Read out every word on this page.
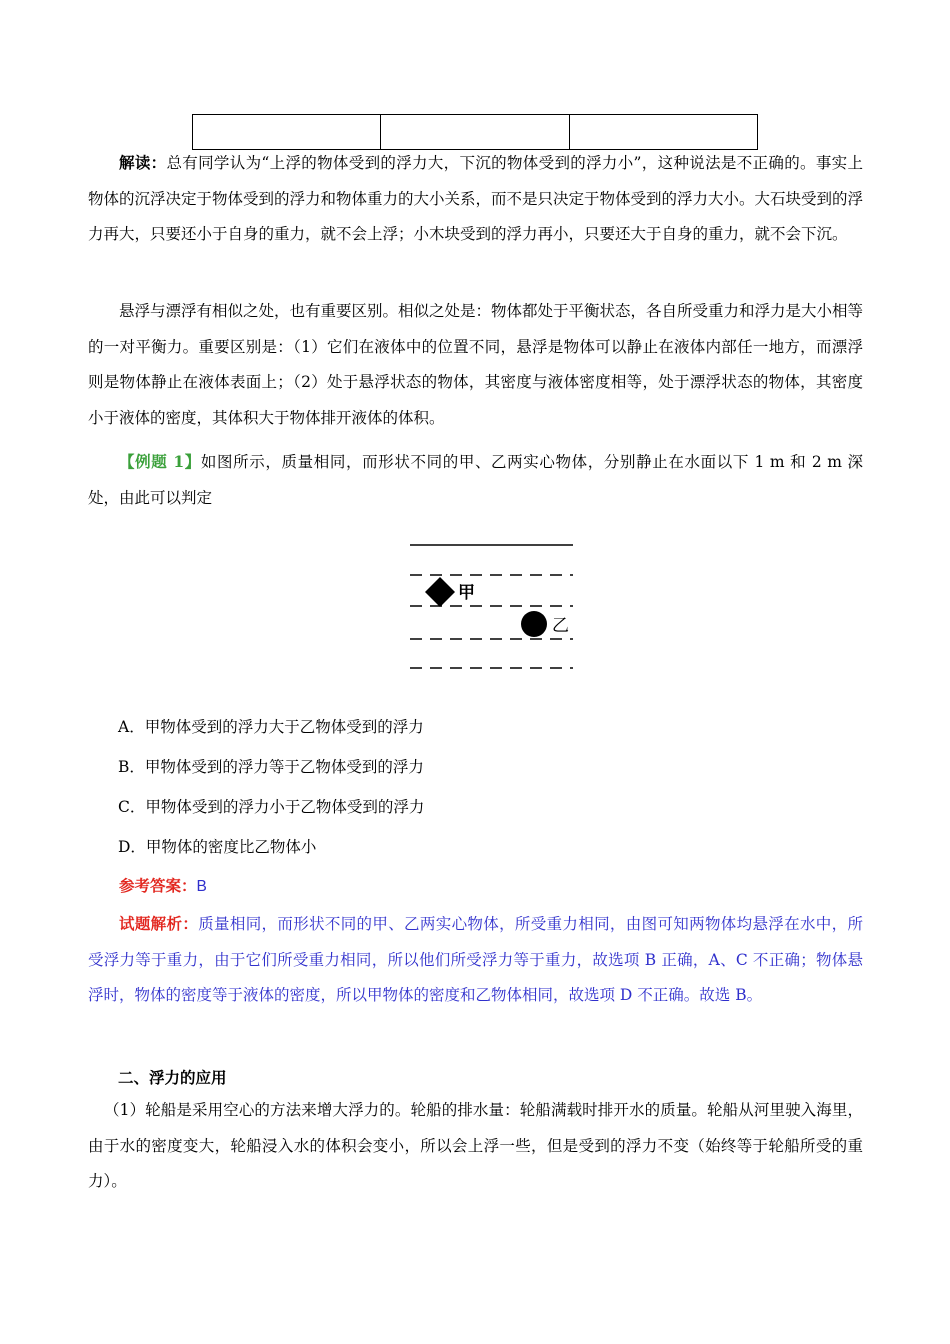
解读：总有同学认为“上浮的物体受到的浮力大，下沉的物体受到的浮力小”，这种说法是不正确的。事实上物体的沉浮决定于物体受到的浮力和物体重力的大小关系，而不是只决定于物体受到的浮力大小。大石块受到的浮力再大，只要还小于自身的重力，就不会上浮；小木块受到的浮力再小，只要还大于自身的重力，就不会下沉。
悬浮与漂浮有相似之处，也有重要区别。相似之处是：物体都处于平衡状态，各自所受重力和浮力是大小相等的一对平衡力。重要区别是：（1）它们在液体中的位置不同，悬浮是物体可以静止在液体内部任一地方，而漂浮则是物体静止在液体表面上；（2）处于悬浮状态的物体，其密度与液体密度相等，处于漂浮状态的物体，其密度小于液体的密度，其体积大于物体排开液体的体积。
【例题 1】如图所示，质量相同，而形状不同的甲、乙两实心物体，分别静止在水面以下 1 m 和 2 m 深处，由此可以判定
甲
乙
A．甲物体受到的浮力大于乙物体受到的浮力
B．甲物体受到的浮力等于乙物体受到的浮力
C．甲物体受到的浮力小于乙物体受到的浮力
D．甲物体的密度比乙物体小
参考答案：B
试题解析：质量相同，而形状不同的甲、乙两实心物体，所受重力相同，由图可知两物体均悬浮在水中，所受浮力等于重力，由于它们所受重力相同，所以他们所受浮力等于重力，故选项 B 正确，A、C 不正确；物体悬浮时，物体的密度等于液体的密度，所以甲物体的密度和乙物体相同，故选项 D 不正确。故选 B。
二、浮力的应用
（1）轮船是采用空心的方法来增大浮力的。轮船的排水量：轮船满载时排开水的质量。轮船从河里驶入海里，由于水的密度变大，轮船浸入水的体积会变小，所以会上浮一些，但是受到的浮力不变（始终等于轮船所受的重力）。
